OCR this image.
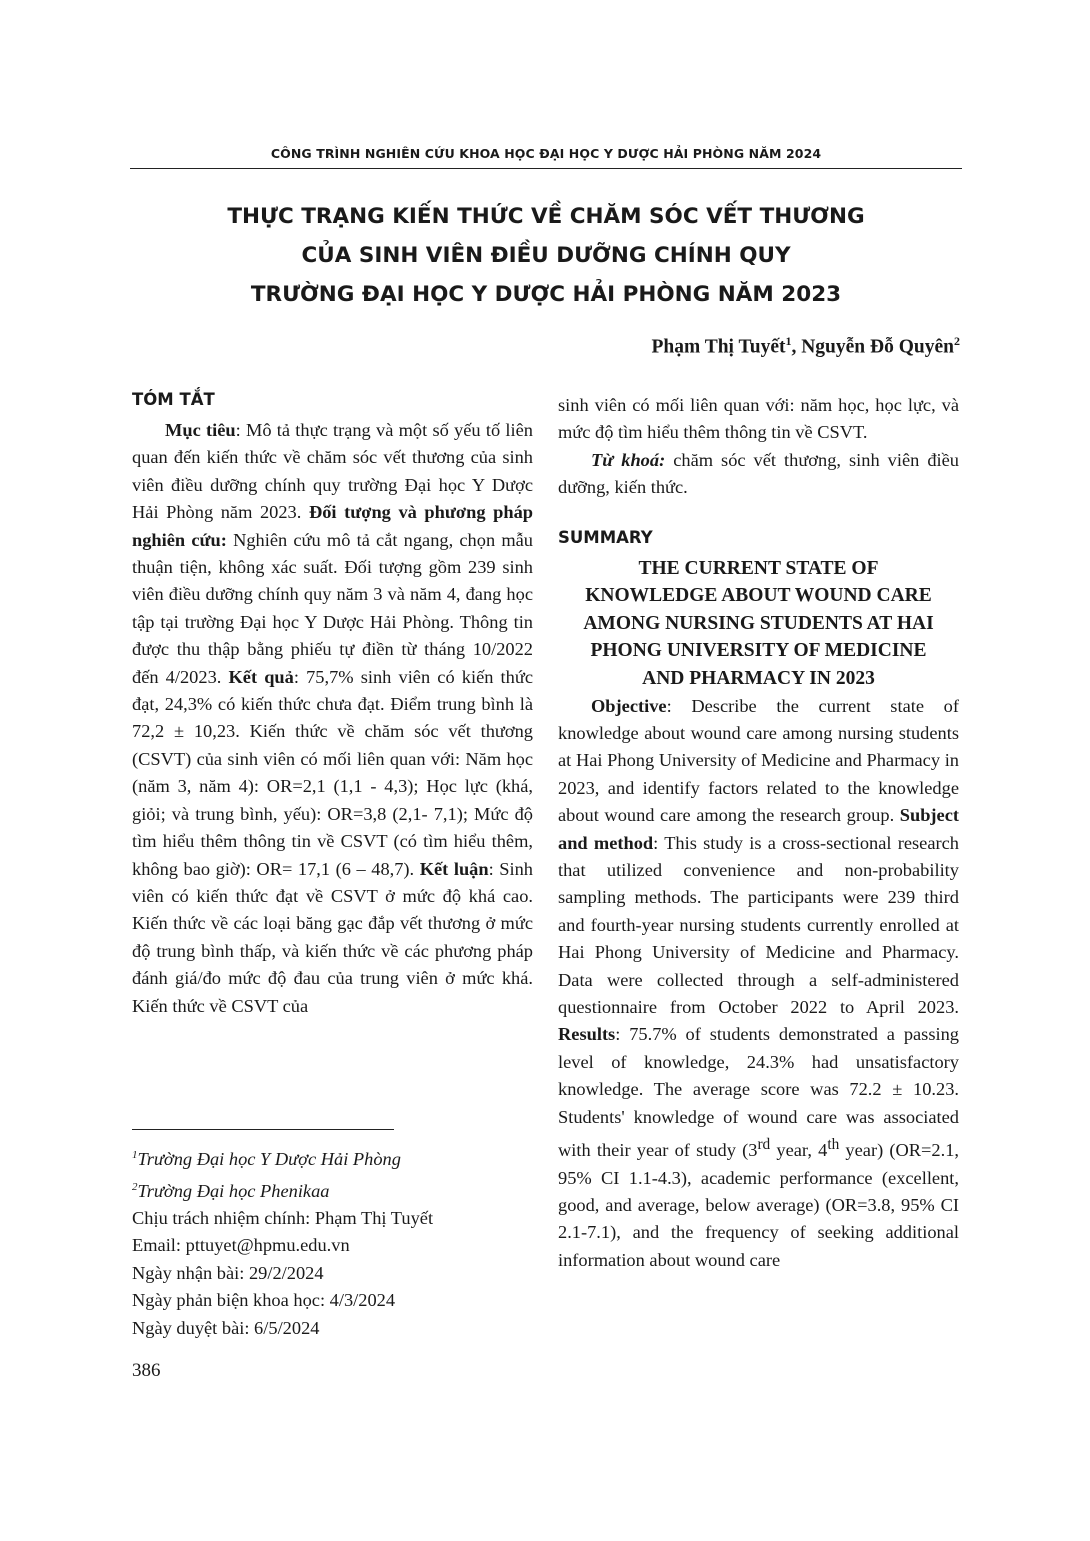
CÔNG TRÌNH NGHIÊN CỨU KHOA HỌC ĐẠI HỌC Y DƯỢC HẢI PHÒNG NĂM 2024
THỰC TRẠNG KIẾN THỨC VỀ CHĂM SÓC VẾT THƯƠNG
CỦA SINH VIÊN ĐIỀU DƯỠNG CHÍNH QUY
TRƯỜNG ĐẠI HỌC Y DƯỢC HẢI PHÒNG NĂM 2023
Phạm Thị Tuyết$^1$, Nguyễn Đỗ Quyên$^2$
TÓM TẮT
Mục tiêu: Mô tả thực trạng và một số yếu tố liên quan đến kiến thức về chăm sóc vết thương của sinh viên điều dưỡng chính quy trường Đại học Y Dược Hải Phòng năm 2023. Đối tượng và phương pháp nghiên cứu: Nghiên cứu mô tả cắt ngang, chọn mẫu thuận tiện, không xác suất. Đối tượng gồm 239 sinh viên điều dưỡng chính quy năm 3 và năm 4, đang học tập tại trường Đại học Y Dược Hải Phòng. Thông tin được thu thập bằng phiếu tự điền từ tháng 10/2022 đến 4/2023. Kết quả: 75,7% sinh viên có kiến thức đạt, 24,3% có kiến thức chưa đạt. Điểm trung bình là 72,2 ± 10,23. Kiến thức về chăm sóc vết thương (CSVT) của sinh viên có mối liên quan với: Năm học (năm 3, năm 4): OR=2,1 (1,1 - 4,3); Học lực (khá, giỏi; và trung bình, yếu): OR=3,8 (2,1- 7,1); Mức độ tìm hiểu thêm thông tin về CSVT (có tìm hiểu thêm, không bao giờ): OR= 17,1 (6 – 48,7). Kết luận: Sinh viên có kiến thức đạt về CSVT ở mức độ khá cao. Kiến thức về các loại băng gạc đắp vết thương ở mức độ trung bình thấp, và kiến thức về các phương pháp đánh giá/đo mức độ đau của trung viên ở mức khá. Kiến thức về CSVT của
$^1$Trường Đại học Y Dược Hải Phòng
$^2$Trường Đại học Phenikaa
Chịu trách nhiệm chính: Phạm Thị Tuyết
Email: pttuyet@hpmu.edu.vn
Ngày nhận bài: 29/2/2024
Ngày phản biện khoa học: 4/3/2024
Ngày duyệt bài: 6/5/2024
386
sinh viên có mối liên quan với: năm học, học lực, và mức độ tìm hiểu thêm thông tin về CSVT.
Từ khoá: chăm sóc vết thương, sinh viên điều dưỡng, kiến thức.
SUMMARY
THE CURRENT STATE OF
KNOWLEDGE ABOUT WOUND CARE
AMONG NURSING STUDENTS AT HAI
PHONG UNIVERSITY OF MEDICINE
AND PHARMACY IN 2023
Objective: Describe the current state of knowledge about wound care among nursing students at Hai Phong University of Medicine and Pharmacy in 2023, and identify factors related to the knowledge about wound care among the research group. Subject and method: This study is a cross-sectional research that utilized convenience and non-probability sampling methods. The participants were 239 third and fourth-year nursing students currently enrolled at Hai Phong University of Medicine and Pharmacy. Data were collected through a self-administered questionnaire from October 2022 to April 2023. Results: 75.7% of students demonstrated a passing level of knowledge, 24.3% had unsatisfactory knowledge. The average score was 72.2 ± 10.23. Students' knowledge of wound care was associated with their year of study (3rd year, 4th year) (OR=2.1, 95% CI 1.1-4.3), academic performance (excellent, good, and average, below average) (OR=3.8, 95% CI 2.1-7.1), and the frequency of seeking additional information about wound care
